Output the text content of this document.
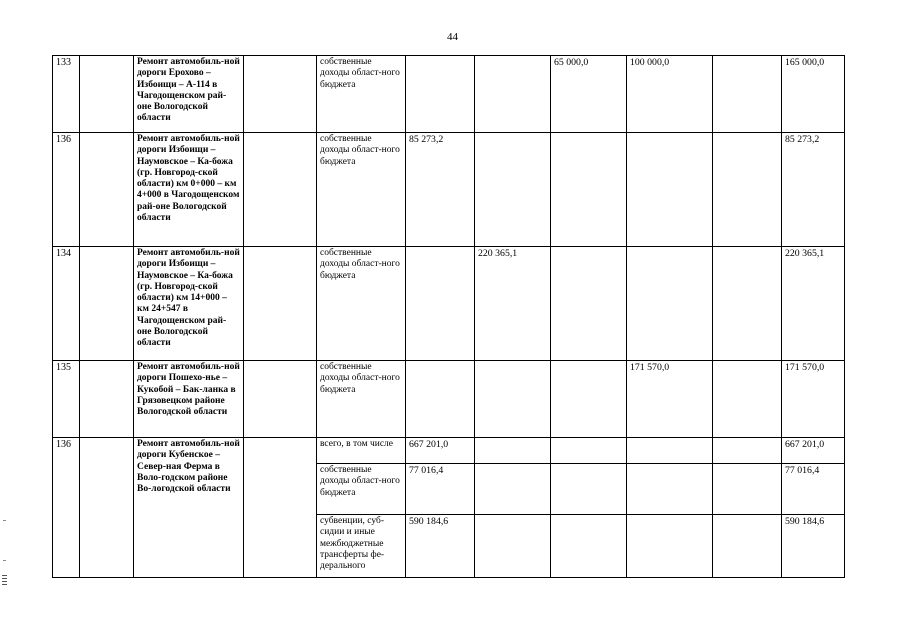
44
133		Ремонт автомобиль-ной дороги Ерохово – Избоищи – А-114 в Чагодощенском рай-оне Вологодской области		собственные доходы област-ного бюджета			65 000,0	100 000,0		165 000,0
136		Ремонт автомобиль-ной дороги Избоищи – Наумовское – Ка-божа (гр. Новгород-ской области) км 0+000 – км 4+000 в Чагодощенском рай-оне Вологодской области		собственные доходы област-ного бюджета	85 273,2					85 273,2
134		Ремонт автомобиль-ной дороги Избоищи – Наумовское – Ка-божа (гр. Новгород-ской области) км 14+000 – км 24+547 в Чагодощенском рай-оне Вологодской области		собственные доходы област-ного бюджета		220 365,1				220 365,1
135		Ремонт автомобиль-ной дороги Пошехо-нье – Кукобой – Бак-ланка в Грязовецком районе Вологодской области		собственные доходы област-ного бюджета				171 570,0		171 570,0
136		Ремонт автомобиль-ной дороги Кубенское – Север-ная Ферма в Воло-годском районе Во-логодской области		всего, в том числе	667 201,0					667 201,0
				собственные доходы област-ного бюджета	77 016,4					77 016,4
				субвенции, суб-сидии и иные межбюджетные трансферты фе-дерального	590 184,6					590 184,6
